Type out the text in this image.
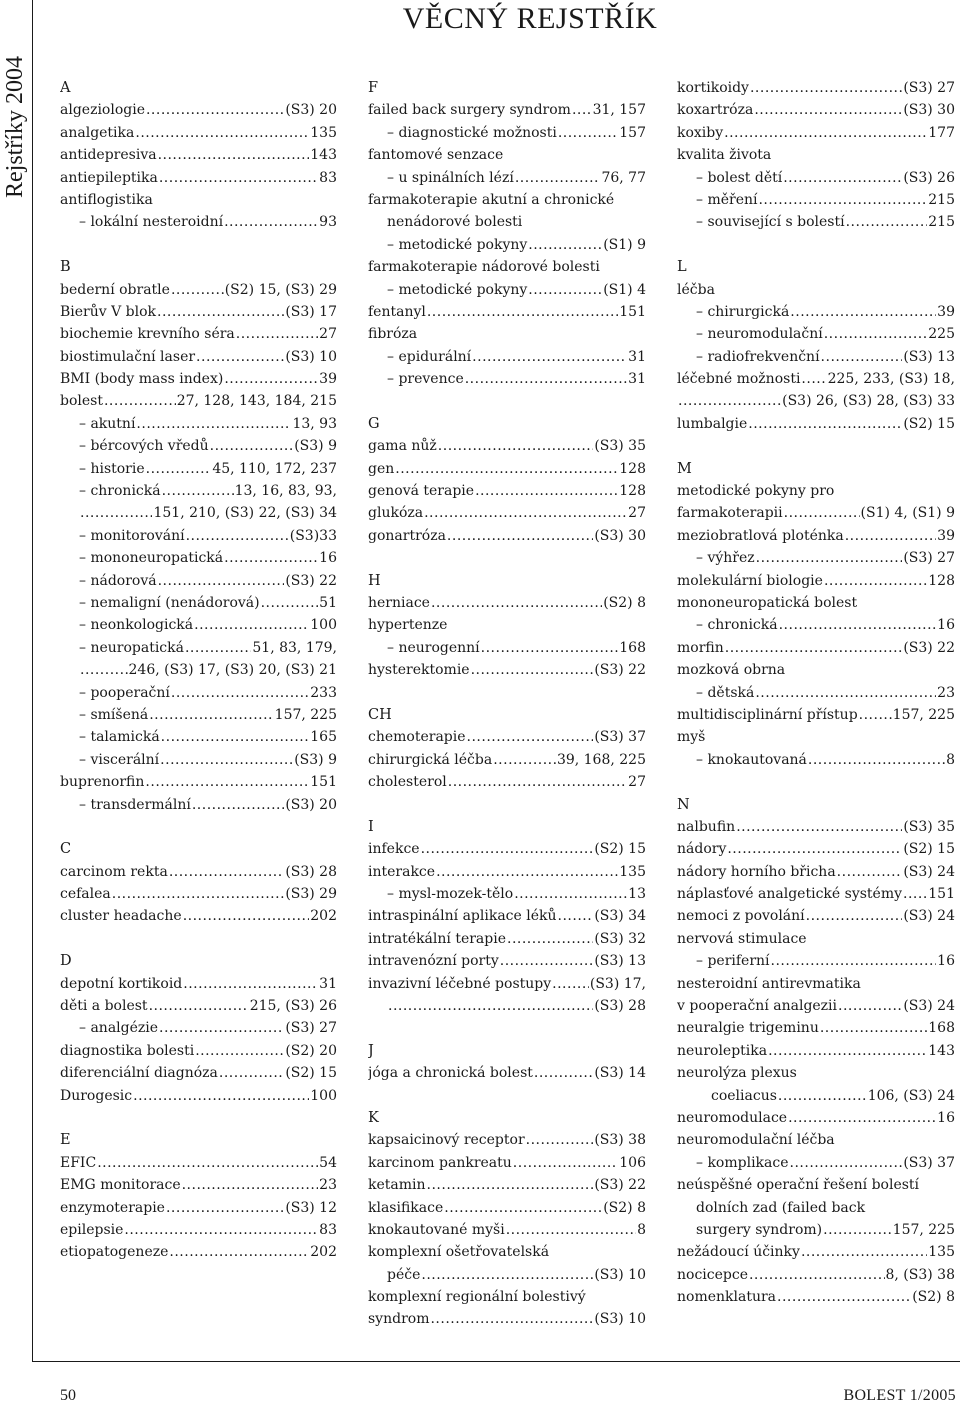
Rejstříky 2004
VĚCNÝ REJSTŘÍK
A
algeziologie .....	(S3) 20
analgetika .....	135
antidepresiva .....	143
antiepileptika .....	83
antiflogistika
– lokální nesteroidní .....	93
B
bederní obratle .....	(S2) 15, (S3) 29
Bierův V blok .....	(S3) 17
biochemie krevního séra .....	27
biostimulační laser .....	(S3) 10
BMI (body mass index) .....	39
bolest .....	27, 128, 143, 184, 215
– akutní .....	13, 93
– bércových vředů .....	(S3) 9
– historie .....	45, 110, 172, 237
– chronická .....	13, 16, 83, 93,
.....
151, 210, (S3) 22, (S3) 34
– monitorování .....	(S3)33
– mononeuropatická .....	16
– nádorová .....	(S3) 22
– nemaligní (nenádorová) .....	51
– neonkologická .....	100
– neuropatická .....	51, 83, 179,
.....
246, (S3) 17, (S3) 20, (S3) 21
– pooperační .....	233
– smíšená .....	157, 225
– talamická .....	165
– viscerální .....	(S3) 9
buprenorfin .....	151
– transdermální .....	(S3) 20
C
carcinom rekta .....	(S3) 28
cefalea .....	(S3) 29
cluster headache .....	202
D
depotní kortikoid .....	31
děti a bolest .....	215, (S3) 26
– analgézie .....	(S3) 27
diagnostika bolesti .....	(S2) 20
diferenciální diagnóza .....	(S2) 15
Durogesic .....	100
E
EFIC .....	54
EMG monitorace .....	23
enzymoterapie .....	(S3) 12
epilepsie .....	83
etiopatogeneze .....	202
F
failed back surgery syndrom ..... 31, 157
– diagnostické možnosti .....	157
fantomové senzace
– u spinálních lézí .....	76, 77
farmakoterapie akutní a chronické
nenádorové bolesti
– metodické pokyny .....	(S1) 9
farmakoterapie nádorové bolesti
– metodické pokyny .....	(S1) 4
fentanyl .....	151
fibróza
– epidurální .....	31
– prevence .....	31
G
gama nůž .....	(S3) 35
gen .....	128
genová terapie .....	128
glukóza .....	27
gonartróza .....	(S3) 30
H
herniace .....	(S2) 8
hypertenze
– neurogenní .....	168
hysterektomie .....	(S3) 22
CH
chemoterapie .....	(S3) 37
chirurgická léčba .....	39, 168, 225
cholesterol .....	27
I
infekce .....	(S2) 15
interakce .....	135
– mysl-mozek-tělo .....	13
intraspinální aplikace léků .....	(S3) 34
intratékální terapie .....	(S3) 32
intravenózní porty .....	(S3) 13
invazivní léčebné postupy .....	(S3) 17,
.....
(S3) 28
J
jóga a chronická bolest .....	(S3) 14
K
kapsaicinový receptor .....	(S3) 38
karcinom pankreatu .....	106
ketamin .....	(S3) 22
klasifikace .....	(S2) 8
knokautované myši .....	8
komplexní ošetřovatelská
péče .....	(S3) 10
komplexní regionální bolestivý
syndrom .....	(S3) 10
kortikoidy .....	(S3) 27
koxartróza .....	(S3) 30
koxiby .....	177
kvalita života
– bolest dětí .....	(S3) 26
– měření .....	215
– související s bolestí .....	215
L
léčba
– chirurgická .....	39
– neuromodulační .....	225
– radiofrekvenční .....	(S3) 13
léčebné možnosti ..... 225, 233, (S3) 18,
.....
(S3) 26, (S3) 28, (S3) 33
lumbalgie .....	(S2) 15
M
metodické pokyny pro
farmakoterapii .....	(S1) 4, (S1) 9
meziobratlová ploténka .....	39
– výhřez .....	(S3) 27
molekulární biologie .....	128
mononeuropatická bolest
– chronická .....	16
morfin .....	(S3) 22
mozková obrna
– dětská .....	23
multidisciplinární přístup .....	157, 225
myš
– knokautovaná .....	8
N
nalbufin .....	(S3) 35
nádory .....	(S2) 15
nádory horního břicha .....	(S3) 24
náplasťové analgetické systémy ..... 151
nemoci z povolání .....	(S3) 24
nervová stimulace
– periferní .....	16
nesteroidní antirevmatika
v pooperační analgezii .....	(S3) 24
neuralgie trigeminu .....	168
neuroleptika .....	143
neurolýza plexus
coeliacus .....	106, (S3) 24
neuromodulace .....	16
neuromodulační léčba
– komplikace .....	(S3) 37
neúspěšné operační řešení bolestí
dolních zad (failed back
surgery syndrom) .....	157, 225
nežádoucí účinky .....	135
nocicepce .....	8, (S3) 38
nomenklatura .....	(S2) 8
50	BOLEST 1/2005
